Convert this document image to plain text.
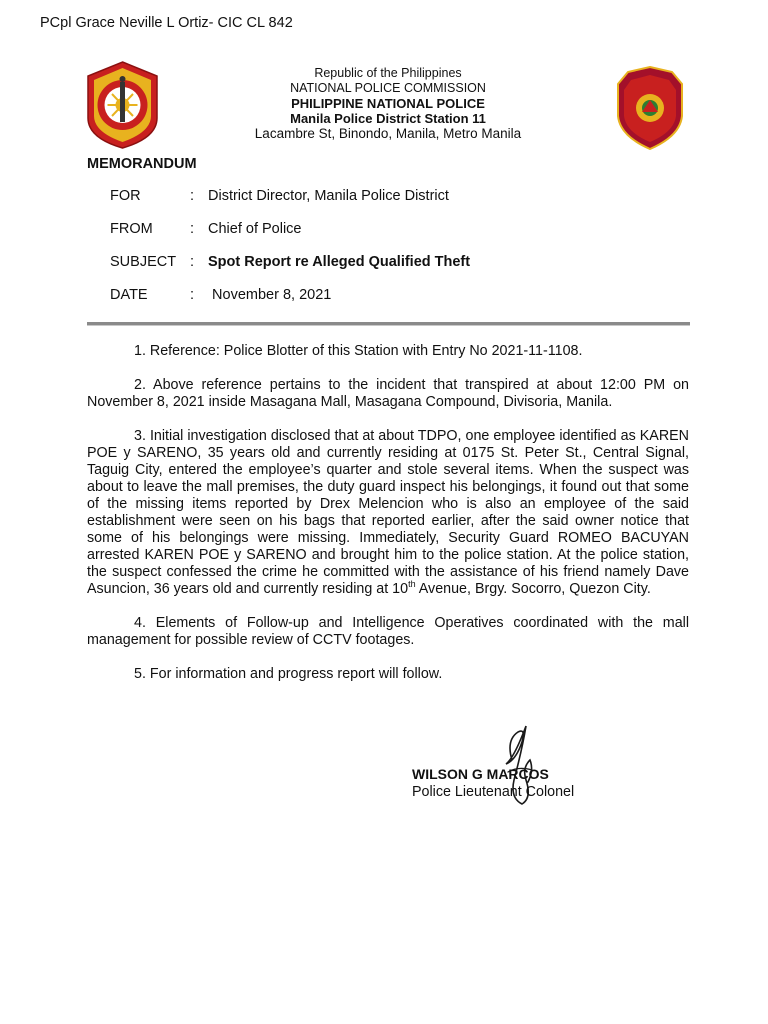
PCpl Grace Neville L Ortiz- CIC CL 842
Republic of the Philippines
NATIONAL POLICE COMMISSION
PHILIPPINE NATIONAL POLICE
Manila Police District Station 11
Lacambre St, Binondo, Manila, Metro Manila
MEMORANDUM
FOR	: District Director, Manila Police District
FROM	: Chief of Police
SUBJECT : Spot Report re Alleged Qualified Theft
DATE	: November 8, 2021

1. Reference: Police Blotter of this Station with Entry No 2021-11-1108.

2. Above reference pertains to the incident that transpired at about 12:00 PM on November 8, 2021 inside Masagana Mall, Masagana Compound, Divisoria, Manila.

3. Initial investigation disclosed that at about TDPO, one employee identified as KAREN POE y SARENO, 35 years old and currently residing at 0175 St. Peter St., Central Signal, Taguig City, entered the employee’s quarter and stole several items. When the suspect was about to leave the mall premises, the duty guard inspect his belongings, it found out that some of the missing items reported by Drex Melencion who is also an employee of the said establishment were seen on his bags that reported earlier, after the said owner notice that some of his belongings were missing. Immediately, Security Guard ROMEO BACUYAN arrested KAREN POE y SARENO and brought him to the police station. At the police station, the suspect confessed the crime he committed with the assistance of his friend namely Dave Asuncion, 36 years old and currently residing at 10th Avenue, Brgy. Socorro, Quezon City.

4. Elements of Follow-up and Intelligence Operatives coordinated with the mall management for possible review of CCTV footages.

5. For information and progress report will follow.

WILSON G MARCOS
Police Lieutenant Colonel
